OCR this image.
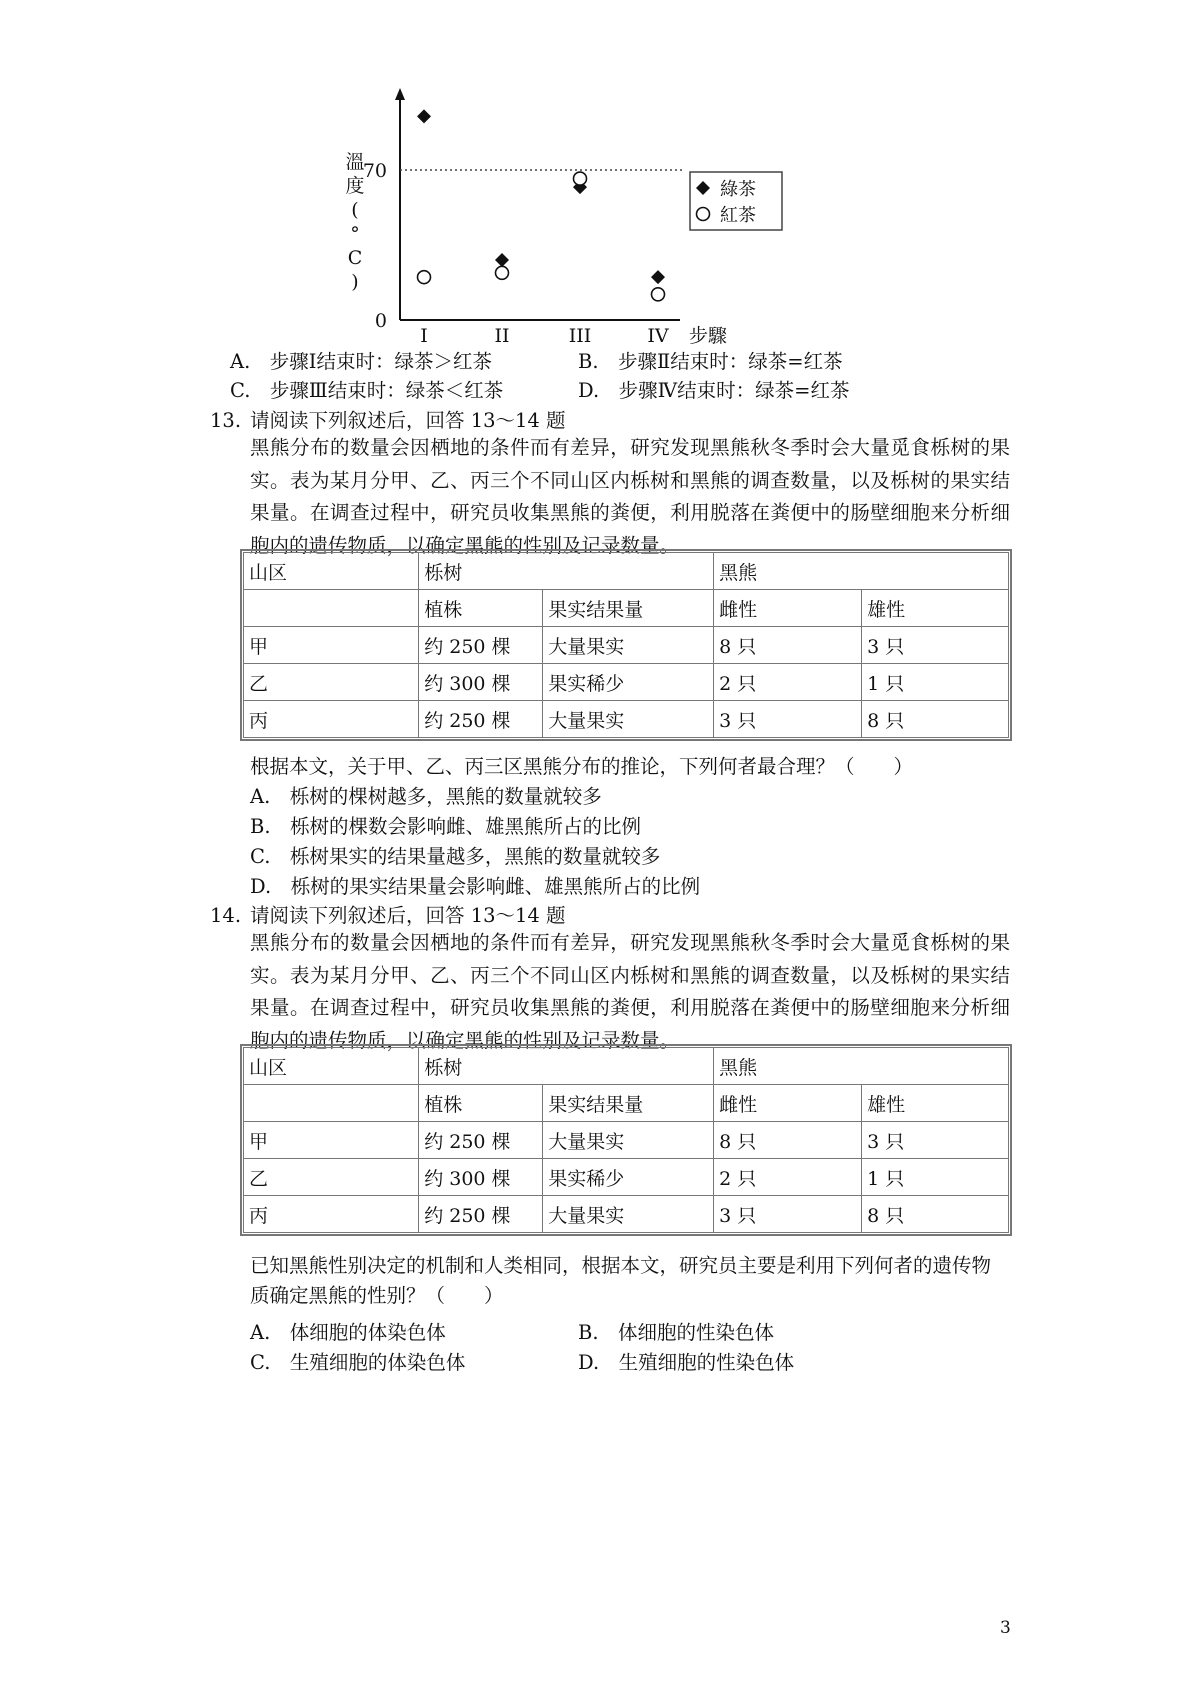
溫度( ° C )
70
0
I	II	III	IV 步驟
綠茶
紅茶
A.　步骤Ⅰ结束时：绿茶＞红茶	B.　步骤Ⅱ结束时：绿茶=红茶
C.　步骤Ⅲ结束时：绿茶＜红茶	D.　步骤Ⅳ结束时：绿茶=红茶
13. 请阅读下列叙述后，回答 13～14 题
黑熊分布的数量会因栖地的条件而有差异，研究发现黑熊秋冬季时会大量觅食栎树的果实。表为某月分甲、乙、丙三个不同山区内栎树和黑熊的调查数量，以及栎树的果实结果量。在调查过程中，研究员收集黑熊的粪便，利用脱落在粪便中的肠壁细胞来分析细胞内的遗传物质，以确定黑熊的性别及记录数量。
山区	栎树		黑熊	
	植株	果实结果量	雌性	雄性
甲	约 250 棵	大量果实	8 只	3 只
乙	约 300 棵	果实稀少	2 只	1 只
丙	约 250 棵	大量果实	3 只	8 只
根据本文，关于甲、乙、丙三区黑熊分布的推论，下列何者最合理？（　　）
A.　栎树的棵树越多，黑熊的数量就较多
B.　栎树的棵数会影响雌、雄黑熊所占的比例
C.　栎树果实的结果量越多，黑熊的数量就较多
D.　栎树的果实结果量会影响雌、雄黑熊所占的比例
14. 请阅读下列叙述后，回答 13～14 题
黑熊分布的数量会因栖地的条件而有差异，研究发现黑熊秋冬季时会大量觅食栎树的果实。表为某月分甲、乙、丙三个不同山区内栎树和黑熊的调查数量，以及栎树的果实结果量。在调查过程中，研究员收集黑熊的粪便，利用脱落在粪便中的肠壁细胞来分析细胞内的遗传物质，以确定黑熊的性别及记录数量。
山区	栎树		黑熊	
	植株	果实结果量	雌性	雄性
甲	约 250 棵	大量果实	8 只	3 只
乙	约 300 棵	果实稀少	2 只	1 只
丙	约 250 棵	大量果实	3 只	8 只
已知黑熊性别决定的机制和人类相同，根据本文，研究员主要是利用下列何者的遗传物质确定黑熊的性别？（　　）
A.　体细胞的体染色体	B.　体细胞的性染色体
C.　生殖细胞的体染色体	D.　生殖细胞的性染色体
3
